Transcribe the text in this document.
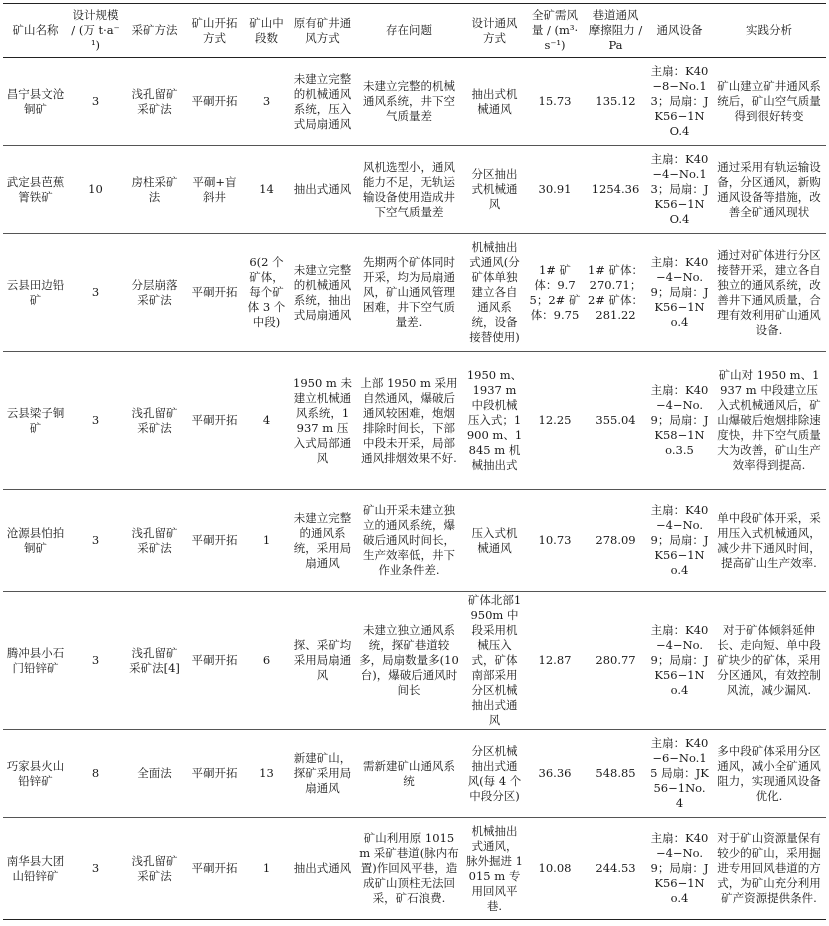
矿山名称	设计规模 / (万 t·a⁻¹)	采矿方法	矿山开拓方式	矿山中段数	原有矿井通风方式	存在问题	设计通风方式	全矿需风量 / (m³·s⁻¹)	巷道通风摩擦阻力 /Pa	通风设备	实践分析
昌宁县文沧铜矿	3	浅孔留矿采矿法	平硐开拓	3	未建立完整的机械通风系统，压入式局扇通风	未建立完整的机械通风系统，井下空气质量差	抽出式机械通风	15.73	135.12	主扇：K40−8−No.13；局扇：JK56−1NO.4	矿山建立矿井通风系统后，矿山空气质量得到很好转变
武定县芭蕉箐铁矿	10	房柱采矿法	平硐+盲斜井	14	抽出式通风	风机选型小，通风能力不足，无轨运输设备使用造成井下空气质量差	分区抽出式机械通风	30.91	1254.36	主扇：K40−4−No.13；局扇：JK56−1NO.4	通过采用有轨运输设备，分区通风，新购通风设备等措施，改善全矿通风现状
云县田边铅矿	3	分层崩落采矿法	平硐开拓	6(2 个矿体，每个矿体 3 个中段)	未建立完整的机械通风系统，抽出式局扇通风	先期两个矿体同时开采，均为局扇通风，矿山通风管理困难，井下空气质量差.	机械抽出式通风(分矿体单独建立各自通风系统，设备接替使用)	1# 矿体：9.75；2# 矿体：9.75	1# 矿体：270.71；2# 矿体：281.22	主扇：K40−4−No.9；局扇：JK56−1No.4	通过对矿体进行分区接替开采，建立各自独立的通风系统，改善井下通风质量，合理有效利用矿山通风设备.
云县梁子铜矿	3	浅孔留矿采矿法	平硐开拓	4	1950 m 未建立机械通风系统，1937 m 压入式局部通风	上部 1950 m 采用自然通风，爆破后通风较困难，炮烟排除时间长，下部中段未开采，局部通风排烟效果不好.	1950 m、1937 m 中段机械压入式；1900 m、1845 m 机械抽出式	12.25	355.04	主扇：K40−4−No.9；局扇：JK58−1No.3.5	矿山对 1950 m、1937 m 中段建立压入式机械通风后，矿山爆破后炮烟排除速度快，井下空气质量大为改善，矿山生产效率得到提高.
沧源县怕拍铜矿	3	浅孔留矿采矿法	平硐开拓	1	未建立完整的通风系统，采用局扇通风	矿山开采未建立独立的通风系统，爆破后通风时间长，生产效率低，井下作业条件差.	压入式机械通风	10.73	278.09	主扇：K40−4−No.9；局扇：JK56−1No.4	单中段矿体开采，采用压入式机械通风，减少井下通风时间，提高矿山生产效率.
腾冲县小石门铅锌矿	3	浅孔留矿采矿法[4]	平硐开拓	6	探、采矿均采用局扇通风	未建立独立通风系统，探矿巷道较多，局扇数量多(10 台)，爆破后通风时间长	矿体北部1950m 中段采用机械压入式，矿体南部采用分区机械抽出式通风	12.87	280.77	主扇：K40−4−No.9；局扇：JK56−1No.4	对于矿体倾斜延伸长、走向短、单中段矿块少的矿体，采用分区通风，有效控制风流，减少漏风.
巧家县火山铅锌矿	8	全面法	平硐开拓	13	新建矿山，探矿采用局扇通风	需新建矿山通风系统	分区机械抽出式通风(每 4 个中段分区)	36.36	548.85	主扇：K40−6−No.15 局扇：JK56−1No.4	多中段矿体采用分区通风，减小全矿通风阻力，实现通风设备优化.
南华县大团山铅锌矿	3	浅孔留矿采矿法	平硐开拓	1	抽出式通风	矿山利用原 1015 m 采矿巷道(脉内布置)作回风平巷，造成矿山顶柱无法回采，矿石浪费.	机械抽出式通风，脉外掘进 1015 m 专用回风平巷.	10.08	244.53	主扇：K40−4−No.9；局扇：JK56−1No.4	对于矿山资源量保有较少的矿山，采用掘进专用回风巷道的方式，为矿山充分利用矿产资源提供条件.
